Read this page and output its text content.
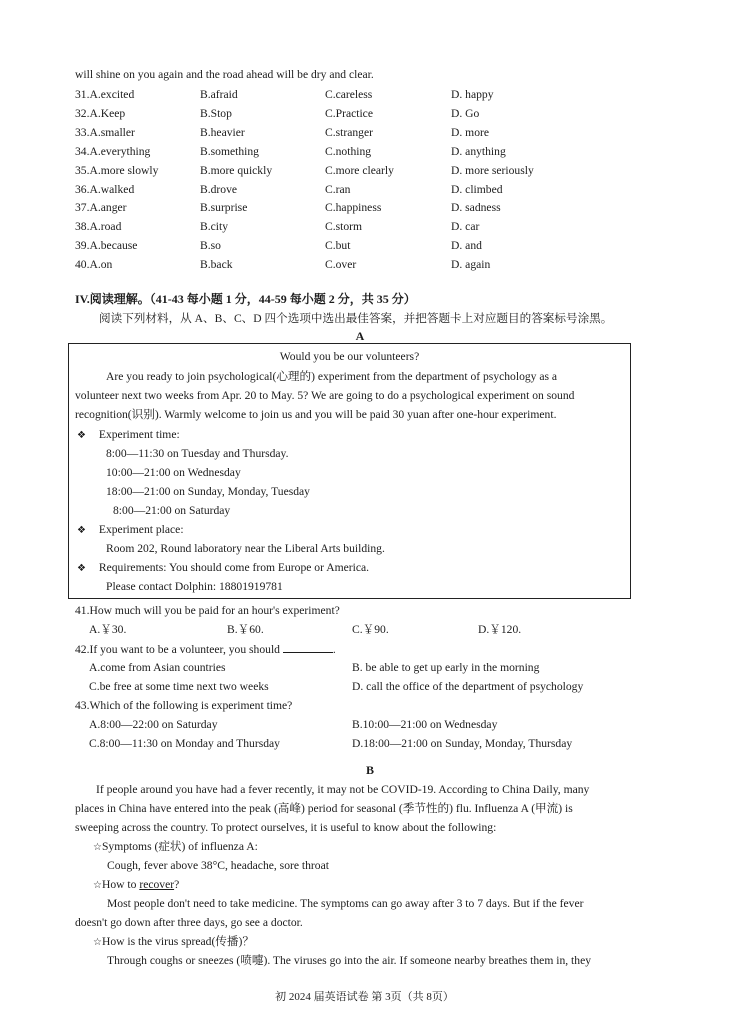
will shine on you again and the road ahead will be dry and clear.
31.A.excited	B.afraid	C.careless	D. happy
32.A.Keep	B.Stop	C.Practice	D. Go
33.A.smaller	B.heavier	C.stranger	D. more
34.A.everything	B.something	C.nothing	D. anything
35.A.more slowly	B.more quickly	C.more clearly	D. more seriously
36.A.walked	B.drove	C.ran	D. climbed
37.A.anger	B.surprise	C.happiness	D. sadness
38.A.road	B.city	C.storm	D. car
39.A.because	B.so	C.but	D. and
40.A.on	B.back	C.over	D. again
IV.阅读理解。（41-43 每小题 1 分，44-59 每小题 2 分，共 35 分）
阅读下列材料，从 A、B、C、D 四个选项中选出最佳答案，并把答题卡上对应题目的答案标号涂黑。
A
Would you be our volunteers?
Are you ready to join psychological(心理的) experiment from the department of psychology as a
volunteer next two weeks from Apr. 20 to May. 5? We are going to do a psychological experiment on sound
recognition(识别). Warmly welcome to join us and you will be paid 30 yuan after one-hour experiment.
❖ Experiment time:
8:00—11:30 on Tuesday and Thursday.
10:00—21:00 on Wednesday
18:00—21:00 on Sunday, Monday, Tuesday
8:00—21:00 on Saturday
❖ Experiment place:
Room 202, Round laboratory near the Liberal Arts building.
❖ Requirements: You should come from Europe or America.
Please contact Dolphin: 18801919781
41.How much will you be paid for an hour's experiment?
A.￥30.	B.￥60.	C.￥90.	D.￥120.
42.If you want to be a volunteer, you should	.
A.come from Asian countries	B. be able to get up early in the morning
C.be free at some time next two weeks	D. call the office of the department of psychology
43.Which of the following is experiment time?
A.8:00—22:00 on Saturday	B.10:00—21:00 on Wednesday
C.8:00—11:30 on Monday and Thursday	D.18:00—21:00 on Sunday, Monday, Thursday
B
If people around you have had a fever recently, it may not be COVID-19. According to China Daily, many
places in China have entered into the peak (高峰) period for seasonal (季节性的) flu. Influenza A (甲流) is
sweeping across the country. To protect ourselves, it is useful to know about the following:
☆Symptoms (症状) of influenza A:
Cough, fever above 38°C, headache, sore throat
☆How to recover?
Most people don't need to take medicine. The symptoms can go away after 3 to 7 days. But if the fever
doesn't go down after three days, go see a doctor.
☆How is the virus spread(传播)？
Through coughs or sneezes (喷嚏). The viruses go into the air. If someone nearby breathes them in, they
初 2024 届英语试卷 第 3页（共 8页）
